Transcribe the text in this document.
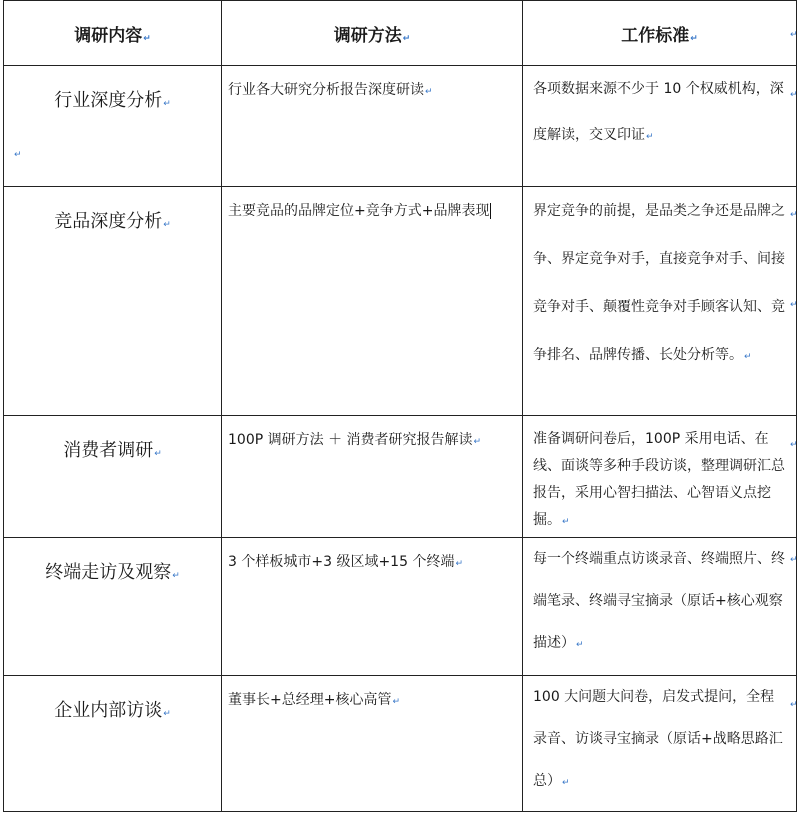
调研内容↵	调研方法↵	工作标准↵
行业深度分析↵	行业各大研究分析报告深度研读↵	各项数据来源不少于 10 个权威机构，深度解读，交叉印证↵
竞品深度分析↵	主要竞品的品牌定位+竞争方式+品牌表现	界定竞争的前提，是品类之争还是品牌之争、界定竞争对手，直接竞争对手、间接竞争对手、颠覆性竞争对手顾客认知、竞争排名、品牌传播、长处分析等。↵
消费者调研↵	100P 调研方法 ＋ 消费者研究报告解读↵	准备调研问卷后，100P 采用电话、在线、面谈等多种手段访谈，整理调研汇总报告，采用心智扫描法、心智语义点挖掘。↵
终端走访及观察↵	3 个样板城市+3 级区域+15 个终端↵	每一个终端重点访谈录音、终端照片、终端笔录、终端寻宝摘录（原话+核心观察描述）↵
企业内部访谈↵	董事长+总经理+核心高管↵	100 大问题大问卷，启发式提问，全程录音、访谈寻宝摘录（原话+战略思路汇总）↵
↵
↵
↵
↵
↵
↵
↵
↵
